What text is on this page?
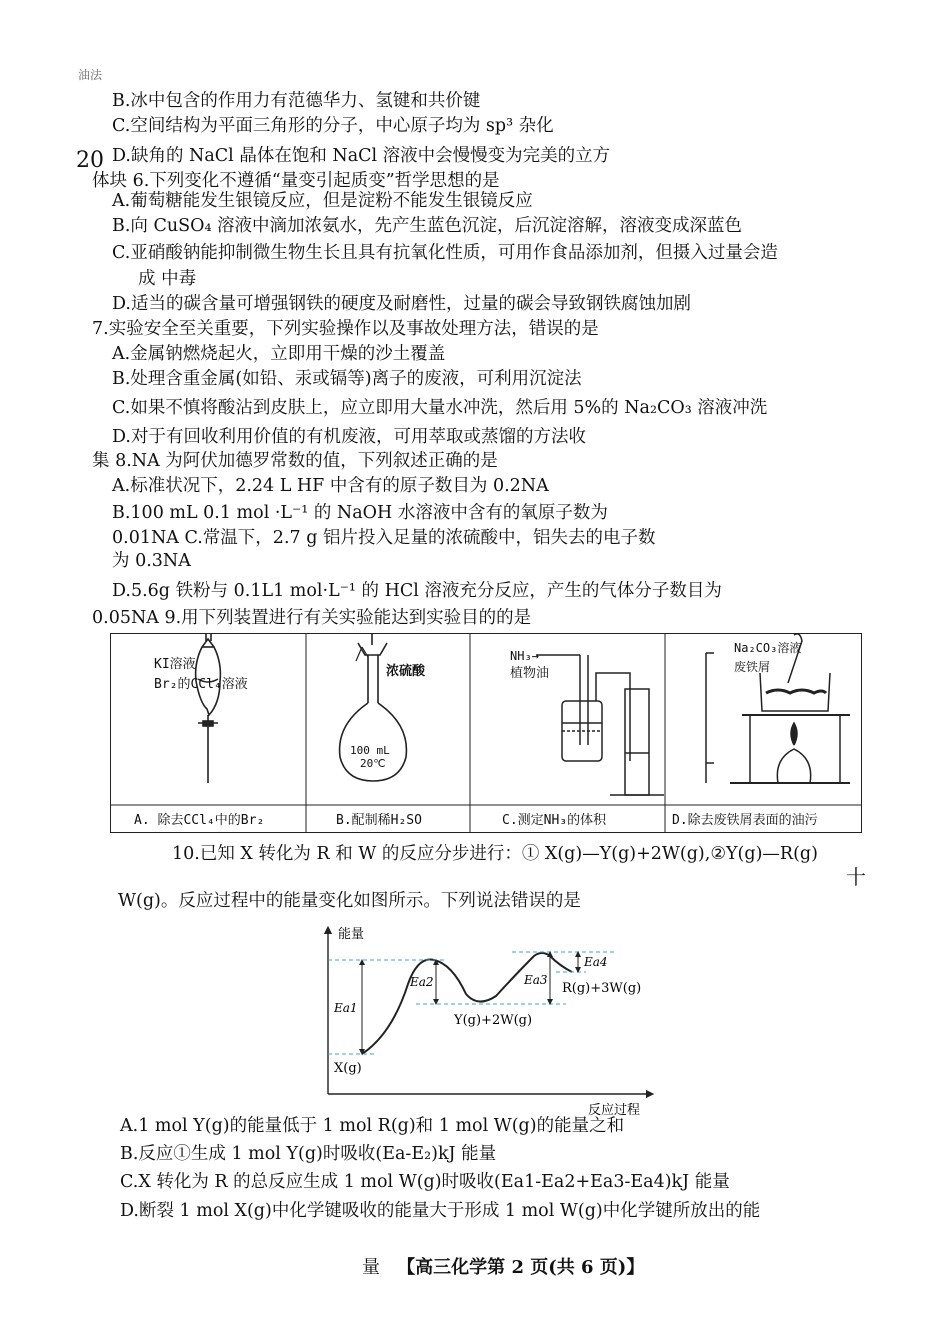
油法
20
十
B.冰中包含的作用力有范德华力、氢键和共价键
C.空间结构为平面三角形的分子，中心原子均为 sp³ 杂化
D.缺角的 NaCl 晶体在饱和 NaCl 溶液中会慢慢变为完美的立方
体块 6.下列变化不遵循“量变引起质变”哲学思想的是
A.葡萄糖能发生银镜反应，但是淀粉不能发生银镜反应
B.向 CuSO₄ 溶液中滴加浓氨水，先产生蓝色沉淀，后沉淀溶解，溶液变成深蓝色
C.亚硝酸钠能抑制微生物生长且具有抗氧化性质，可用作食品添加剂，但摄入过量会造
成 中毒
D.适当的碳含量可增强钢铁的硬度及耐磨性，过量的碳会导致钢铁腐蚀加剧
7.实验安全至关重要，下列实验操作以及事故处理方法，错误的是
A.金属钠燃烧起火，立即用干燥的沙土覆盖
B.处理含重金属(如铅、汞或镉等)离子的废液，可利用沉淀法
C.如果不慎将酸沾到皮肤上，应立即用大量水冲洗，然后用 5%的 Na₂CO₃ 溶液冲洗
D.对于有回收利用价值的有机废液，可用萃取或蒸馏的方法收
集 8.NA 为阿伏加德罗常数的值，下列叙述正确的是
A.标准状况下，2.24 L HF 中含有的原子数目为 0.2NA
B.100 mL 0.1 mol ·L⁻¹ 的 NaOH 水溶液中含有的氧原子数为
0.01NA C.常温下，2.7 g 铝片投入足量的浓硫酸中，铝失去的电子数
为 0.3NA
D.5.6g 铁粉与 0.1L1 mol·L⁻¹ 的 HCl 溶液充分反应，产生的气体分子数目为
0.05NA 9.用下列装置进行有关实验能达到实验目的的是
10.已知 X 转化为 R 和 W 的反应分步进行：① X(g)—Y(g)+2W(g),②Y(g)—R(g)
W(g)。反应过程中的能量变化如图所示。下列说法错误的是
A.1 mol Y(g)的能量低于 1 mol R(g)和 1 mol W(g)的能量之和
B.反应①生成 1 mol Y(g)时吸收(Ea-E₂)kJ 能量
C.X 转化为 R 的总反应生成 1 mol W(g)时吸收(Ea1-Ea2+Ea3-Ea4)kJ 能量
D.断裂 1 mol X(g)中化学键吸收的能量大于形成 1 mol W(g)中化学键所放出的能
KI溶液
Br₂的CCl₄溶液
浓硫酸
100 mL
20℃
NH₃→
植物油
Na₂CO₃溶液
废铁屑
A. 除去CCl₄中的Br₂	B.配制稀H₂SO	C.测定NH₃的体积	D.除去废铁屑表面的油污
能量
反应过程
X(g)
Y(g)+2W(g)
R(g)+3W(g)
Ea1
Ea2	Ea3
Ea4
量 【高三化学第 2 页(共 6 页)】
